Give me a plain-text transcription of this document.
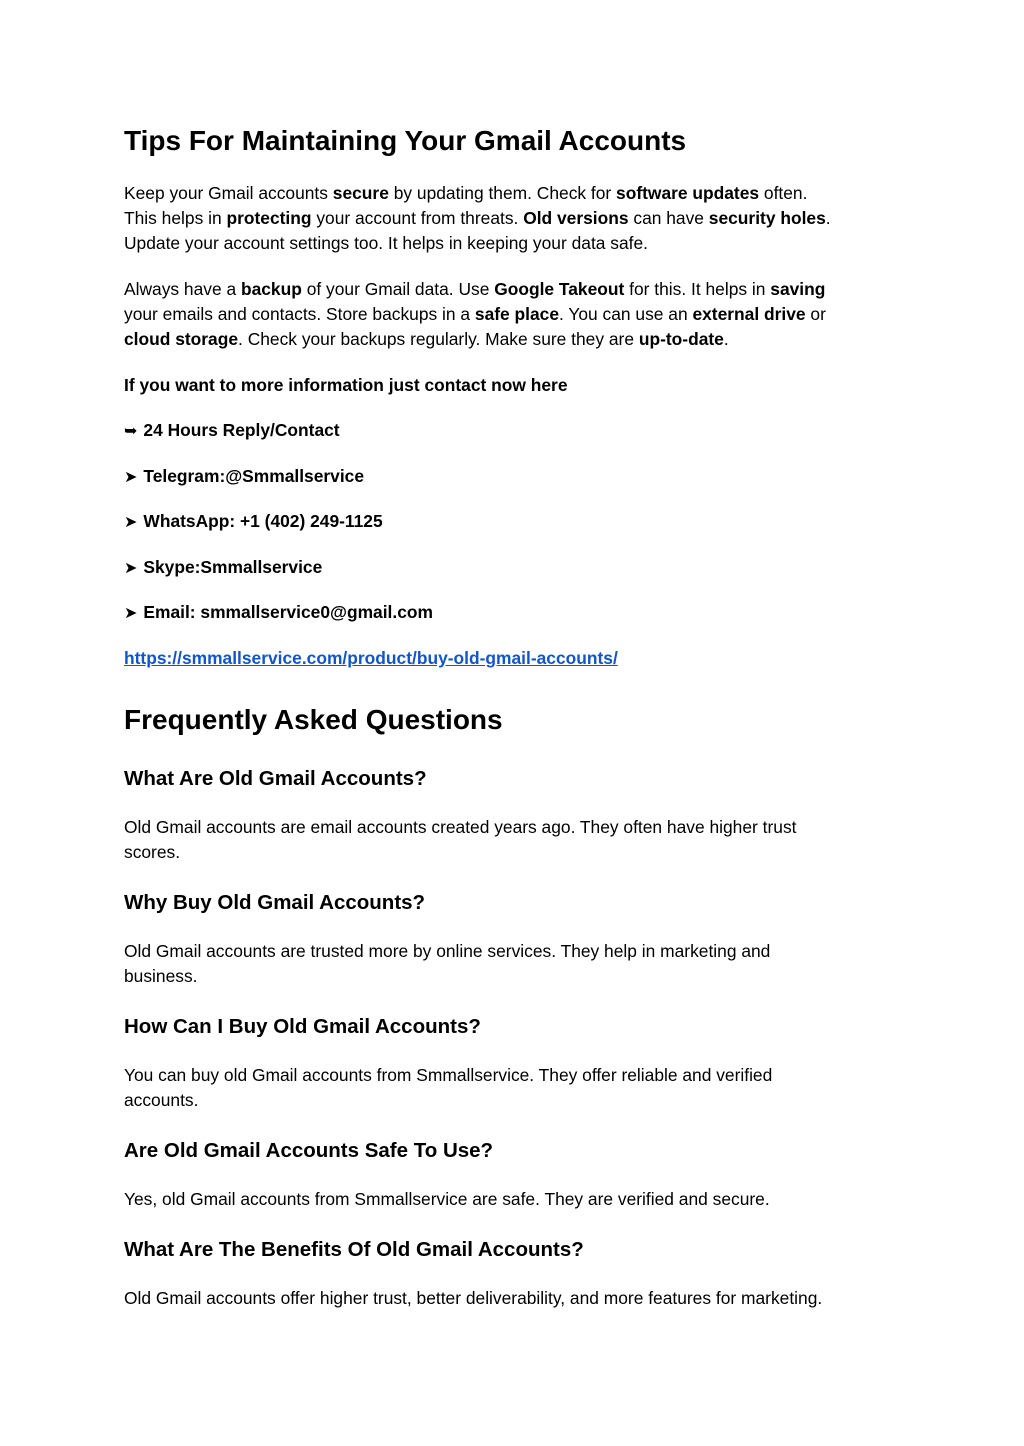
Tips For Maintaining Your Gmail Accounts

Keep your Gmail accounts secure by updating them. Check for software updates often.
This helps in protecting your account from threats. Old versions can have security holes.
Update your account settings too. It helps in keeping your data safe.

Always have a backup of your Gmail data. Use Google Takeout for this. It helps in saving
your emails and contacts. Store backups in a safe place. You can use an external drive or
cloud storage. Check your backups regularly. Make sure they are up-to-date.

If you want to more information just contact now here
➥ 24 Hours Reply/Contact
➤ Telegram:@Smmallservice
➤ WhatsApp: +1 (402) 249-1125
➤ Skype:Smmallservice
➤ Email: smmallservice0@gmail.com
https://smmallservice.com/product/buy-old-gmail-accounts/
Frequently Asked Questions
What Are Old Gmail Accounts?

Old Gmail accounts are email accounts created years ago. They often have higher trust
scores.

Why Buy Old Gmail Accounts?

Old Gmail accounts are trusted more by online services. They help in marketing and
business.

How Can I Buy Old Gmail Accounts?

You can buy old Gmail accounts from Smmallservice. They offer reliable and verified
accounts.

Are Old Gmail Accounts Safe To Use?

Yes, old Gmail accounts from Smmallservice are safe. They are verified and secure.

What Are The Benefits Of Old Gmail Accounts?

Old Gmail accounts offer higher trust, better deliverability, and more features for marketing.
